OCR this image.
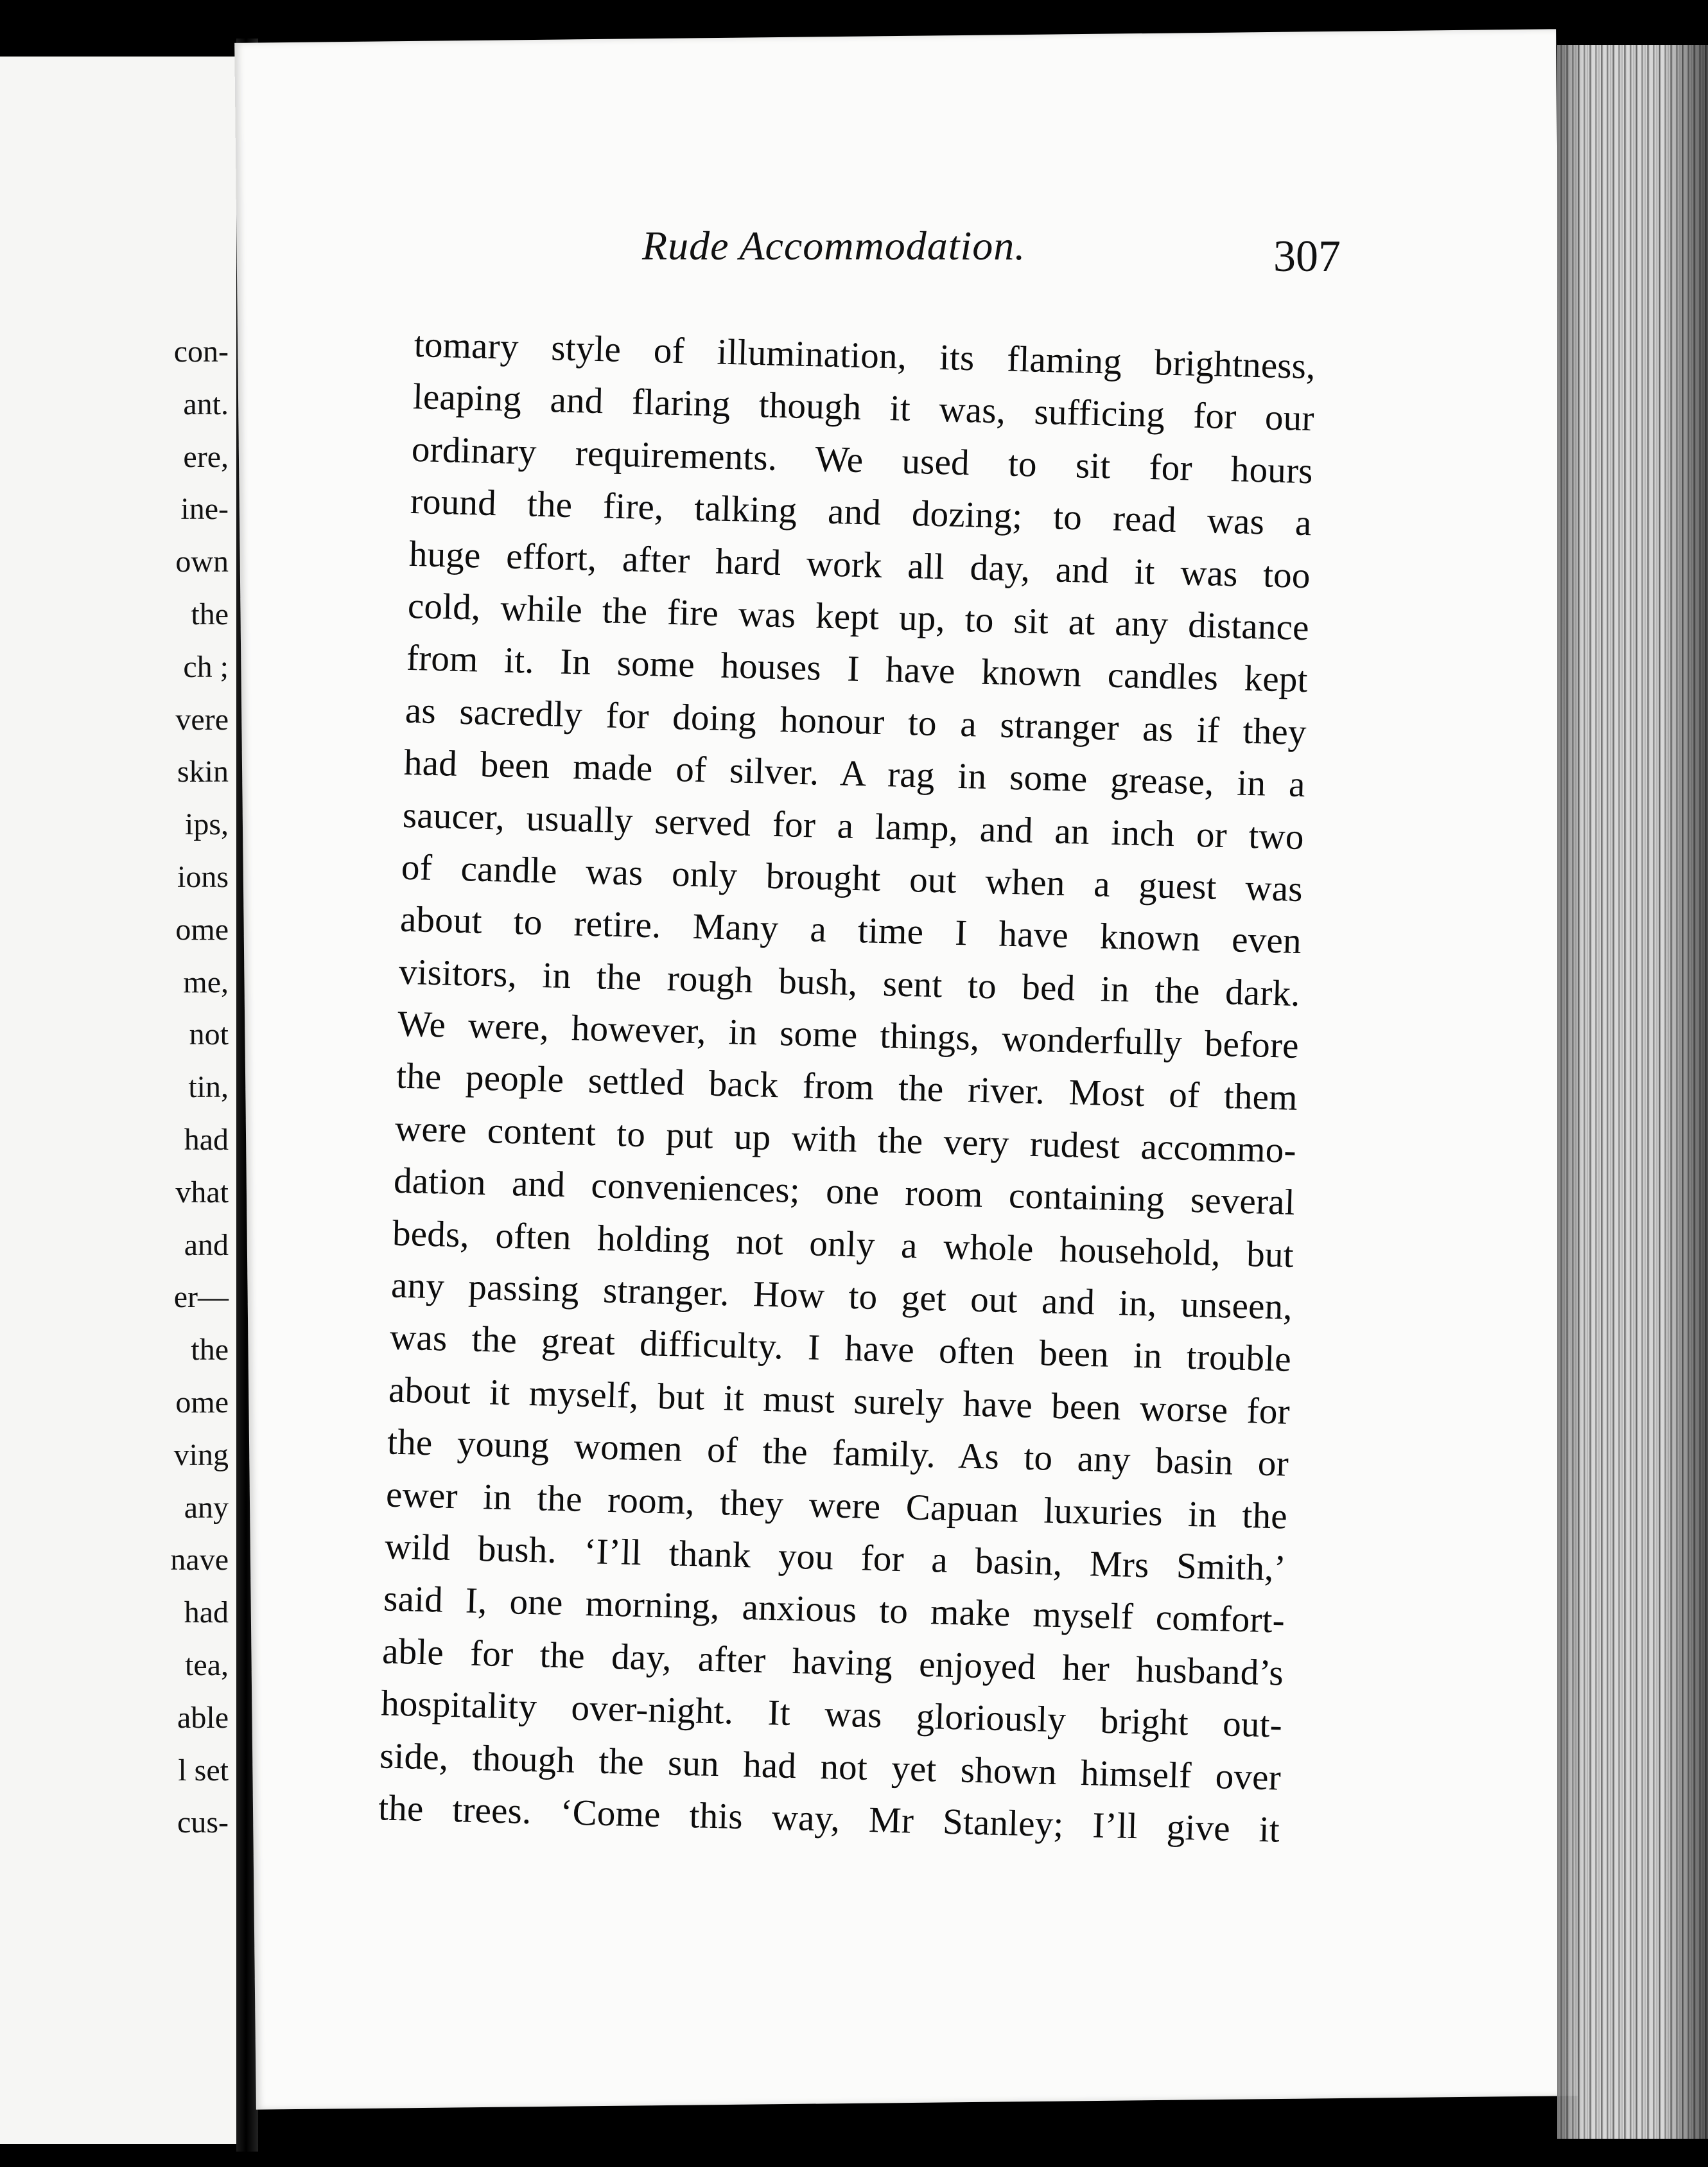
con-
ant.
ere,
ine-
own
the
ch ;
vere
skin
ips,
ions
ome
me,
not
tin,
had
vhat
and
er—
the
ome
ving
any
nave
had
tea,
able
l set
cus-
Rude Accommodation.	307
tomary style of illumination, its flaming brightness,
leaping and flaring though it was, sufficing for our
ordinary requirements. We used to sit for hours
round the fire, talking and dozing; to read was a
huge effort, after hard work all day, and it was too
cold, while the fire was kept up, to sit at any distance
from it. In some houses I have known candles kept
as sacredly for doing honour to a stranger as if they
had been made of silver. A rag in some grease, in a
saucer, usually served for a lamp, and an inch or two
of candle was only brought out when a guest was
about to retire. Many a time I have known even
visitors, in the rough bush, sent to bed in the dark.
We were, however, in some things, wonderfully before
the people settled back from the river. Most of them
were content to put up with the very rudest accommo-
dation and conveniences; one room containing several
beds, often holding not only a whole household, but
any passing stranger. How to get out and in, unseen,
was the great difficulty. I have often been in trouble
about it myself, but it must surely have been worse for
the young women of the family. As to any basin or
ewer in the room, they were Capuan luxuries in the
wild bush. ‘I’ll thank you for a basin, Mrs Smith,’
said I, one morning, anxious to make myself comfort-
able for the day, after having enjoyed her husband’s
hospitality over-night. It was gloriously bright out-
side, though the sun had not yet shown himself over
the trees. ‘Come this way, Mr Stanley; I’ll give it
